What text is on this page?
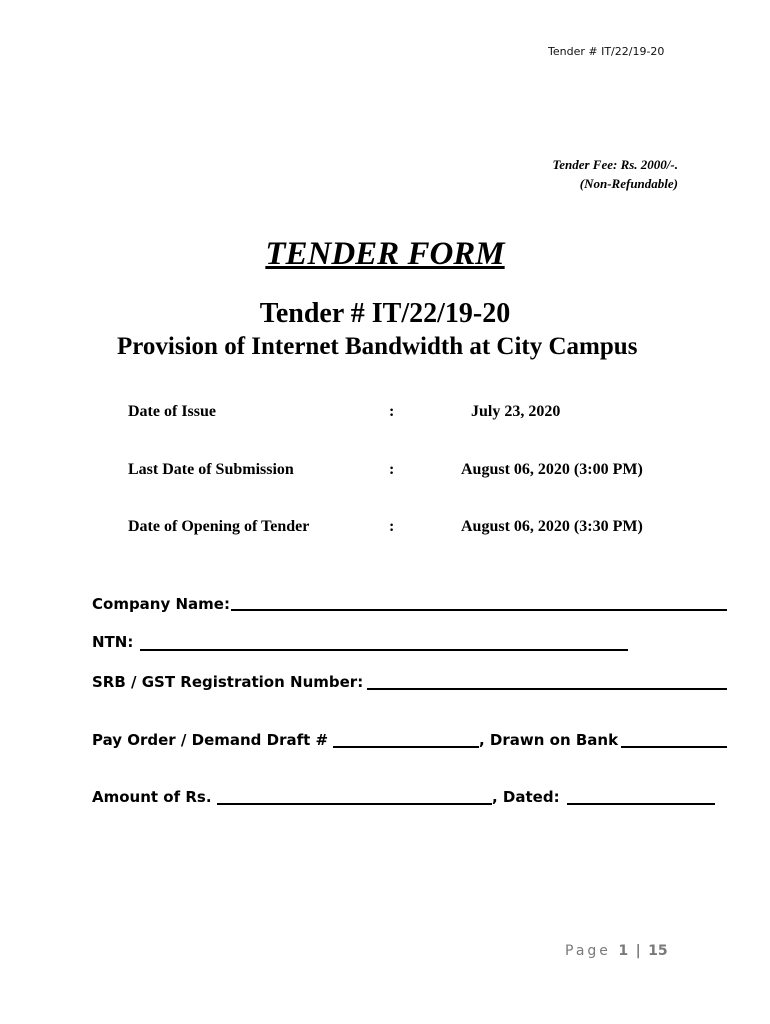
Tender # IT/22/19-20
Tender Fee: Rs. 2000/-.
(Non-Refundable)
TENDER FORM
Tender # IT/22/19-20
Provision of Internet Bandwidth at City Campus
Date of Issue	:	July 23, 2020
Last Date of Submission	:	August 06, 2020 (3:00 PM)
Date of Opening of Tender	:	August 06, 2020 (3:30 PM)
Company Name:
NTN:
SRB / GST Registration Number:
Pay Order / Demand Draft #	, Drawn on Bank
Amount of Rs.	, Dated:
Page 1 | 15
